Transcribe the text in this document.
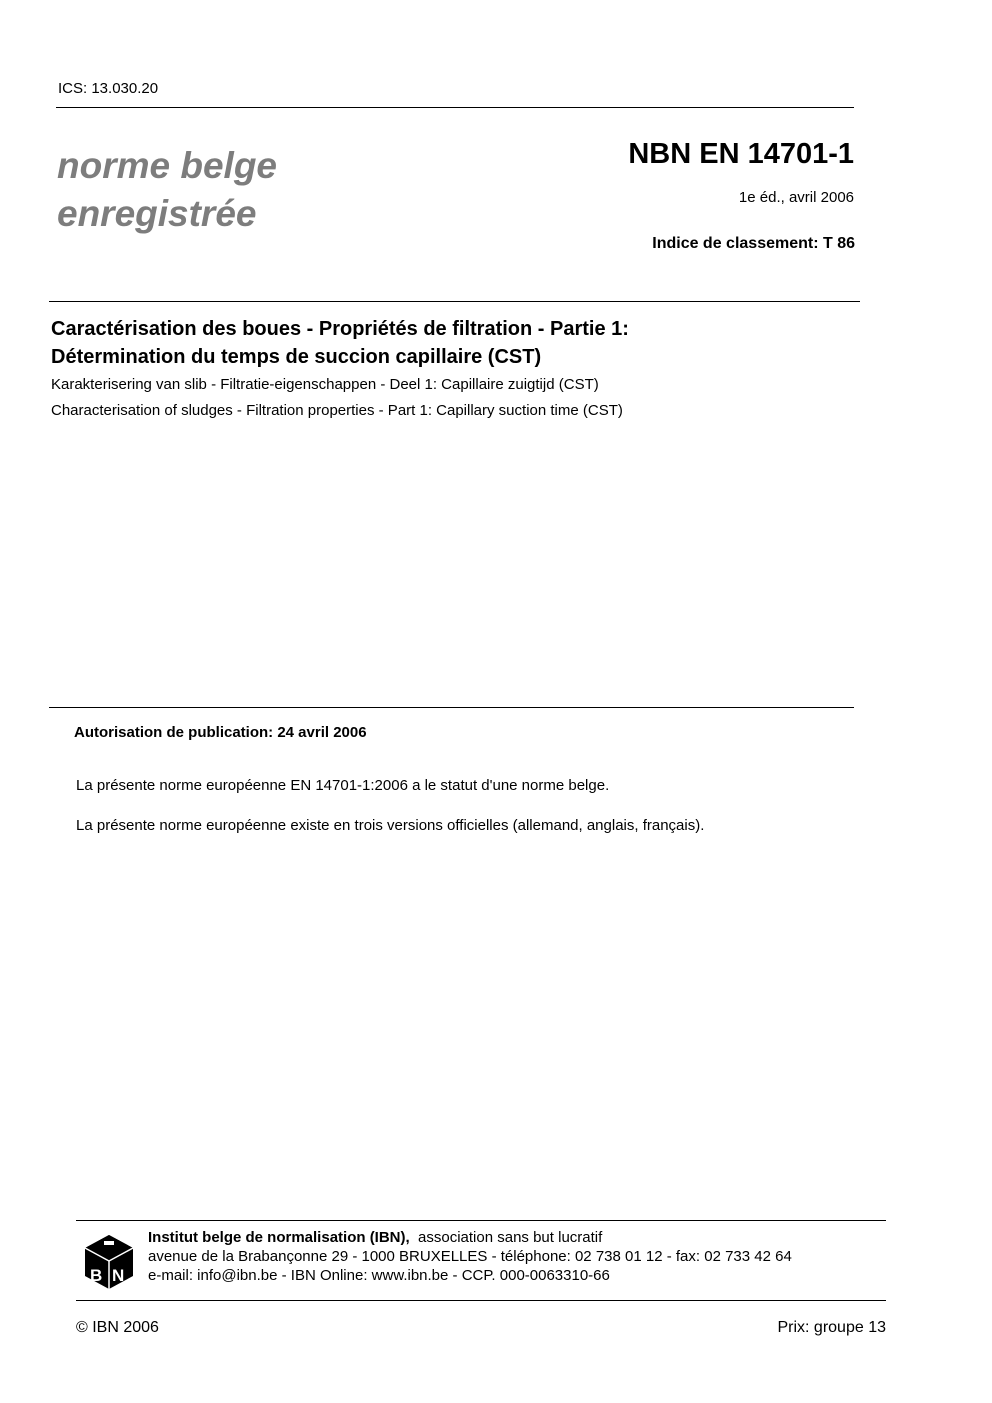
ICS: 13.030.20
norme belge
enregistrée
NBN EN 14701-1
1e éd., avril 2006
Indice de classement: T 86
Caractérisation des boues - Propriétés de filtration - Partie 1:
Détermination du temps de succion capillaire (CST)
Karakterisering van slib - Filtratie-eigenschappen - Deel 1: Capillaire zuigtijd (CST)
Characterisation of sludges - Filtration properties - Part 1: Capillary suction time (CST)
Autorisation de publication: 24 avril 2006
La présente norme européenne EN 14701-1:2006 a le statut d'une norme belge.
La présente norme européenne existe en trois versions officielles (allemand, anglais, français).
B N
Institut belge de normalisation (IBN), association sans but lucratif
avenue de la Brabançonne 29 - 1000 BRUXELLES - téléphone: 02 738 01 12 - fax: 02 733 42 64
e-mail: info@ibn.be - IBN Online: www.ibn.be - CCP. 000-0063310-66
© IBN 2006	Prix: groupe 13
